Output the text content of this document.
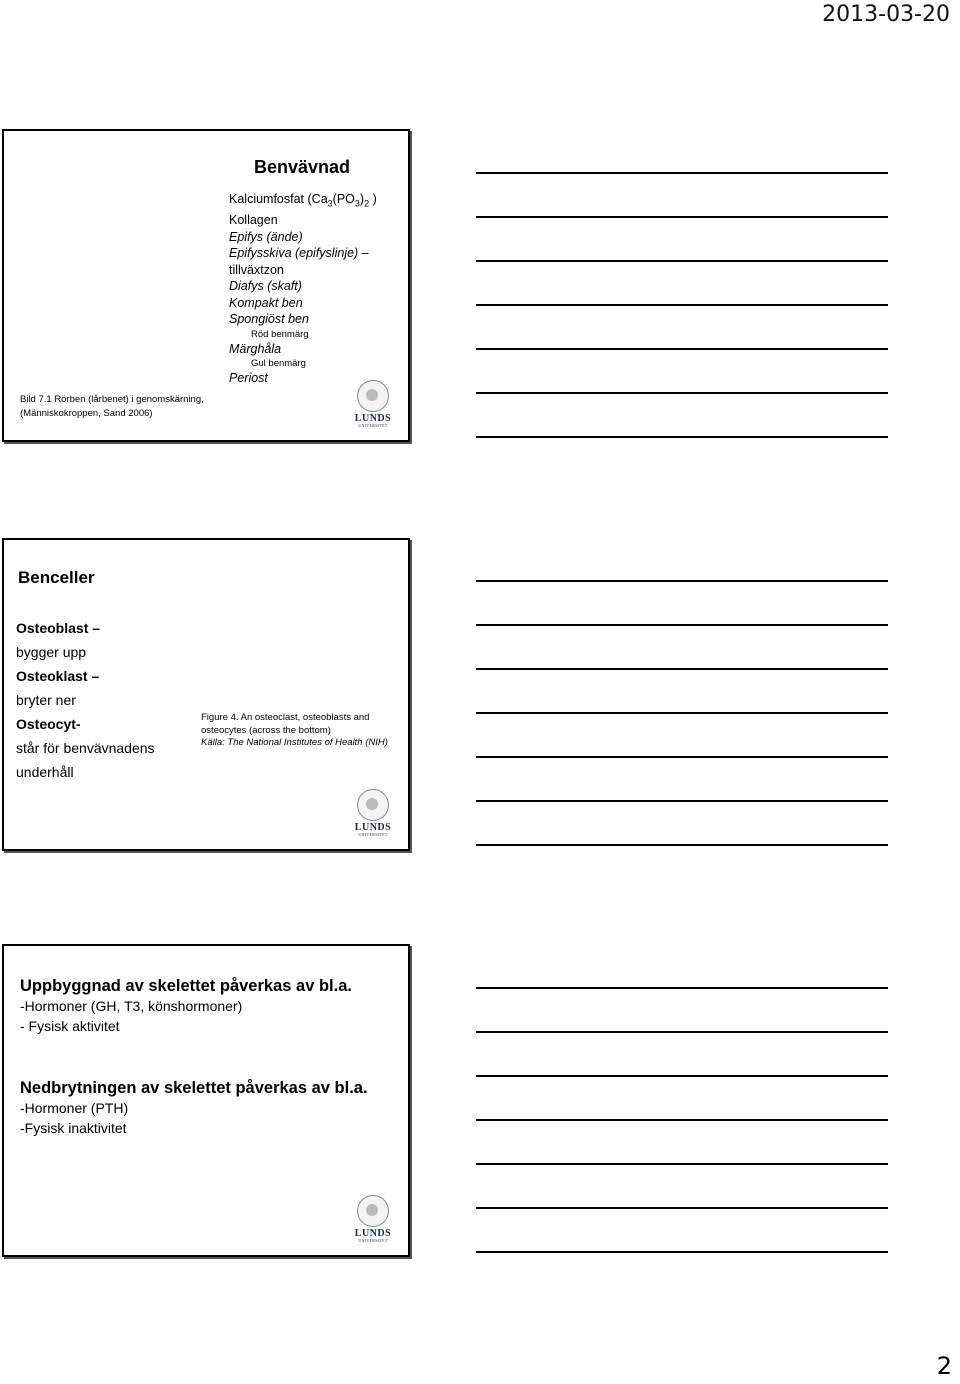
2013-03-20
Benvävnad
Kalciumfosfat ($Ca_3(PO_3)_2$ )
Kollagen
Epifys (ände)
Epifysskiva (epifyslinje) –
tillväxtzon
Diafys (skaft)
Kompakt ben
Spongiöst ben
Röd benmärg
Märghåla
Gul benmärg
Periost
Bild 7.1 Rörben (lårbenet) i genomskärning, (Människokroppen, Sand 2006)	LUNDS
UNIVERSITET
Benceller
Osteoblast –
bygger upp
Osteoklast –
bryter ner
Osteocyt-
står för benvävnadens
underhåll
Figure 4. An osteoclast, osteoblasts and osteocytes (across the bottom)
Källa: The National Institutes of Health (NIH)
LUNDS
UNIVERSITET
Uppbyggnad av skelettet påverkas av bl.a.
-Hormoner (GH, T3, könshormoner)
- Fysisk aktivitet
Nedbrytningen av skelettet påverkas av bl.a.
-Hormoner (PTH)
-Fysisk inaktivitet
LUNDS
UNIVERSITET
2
